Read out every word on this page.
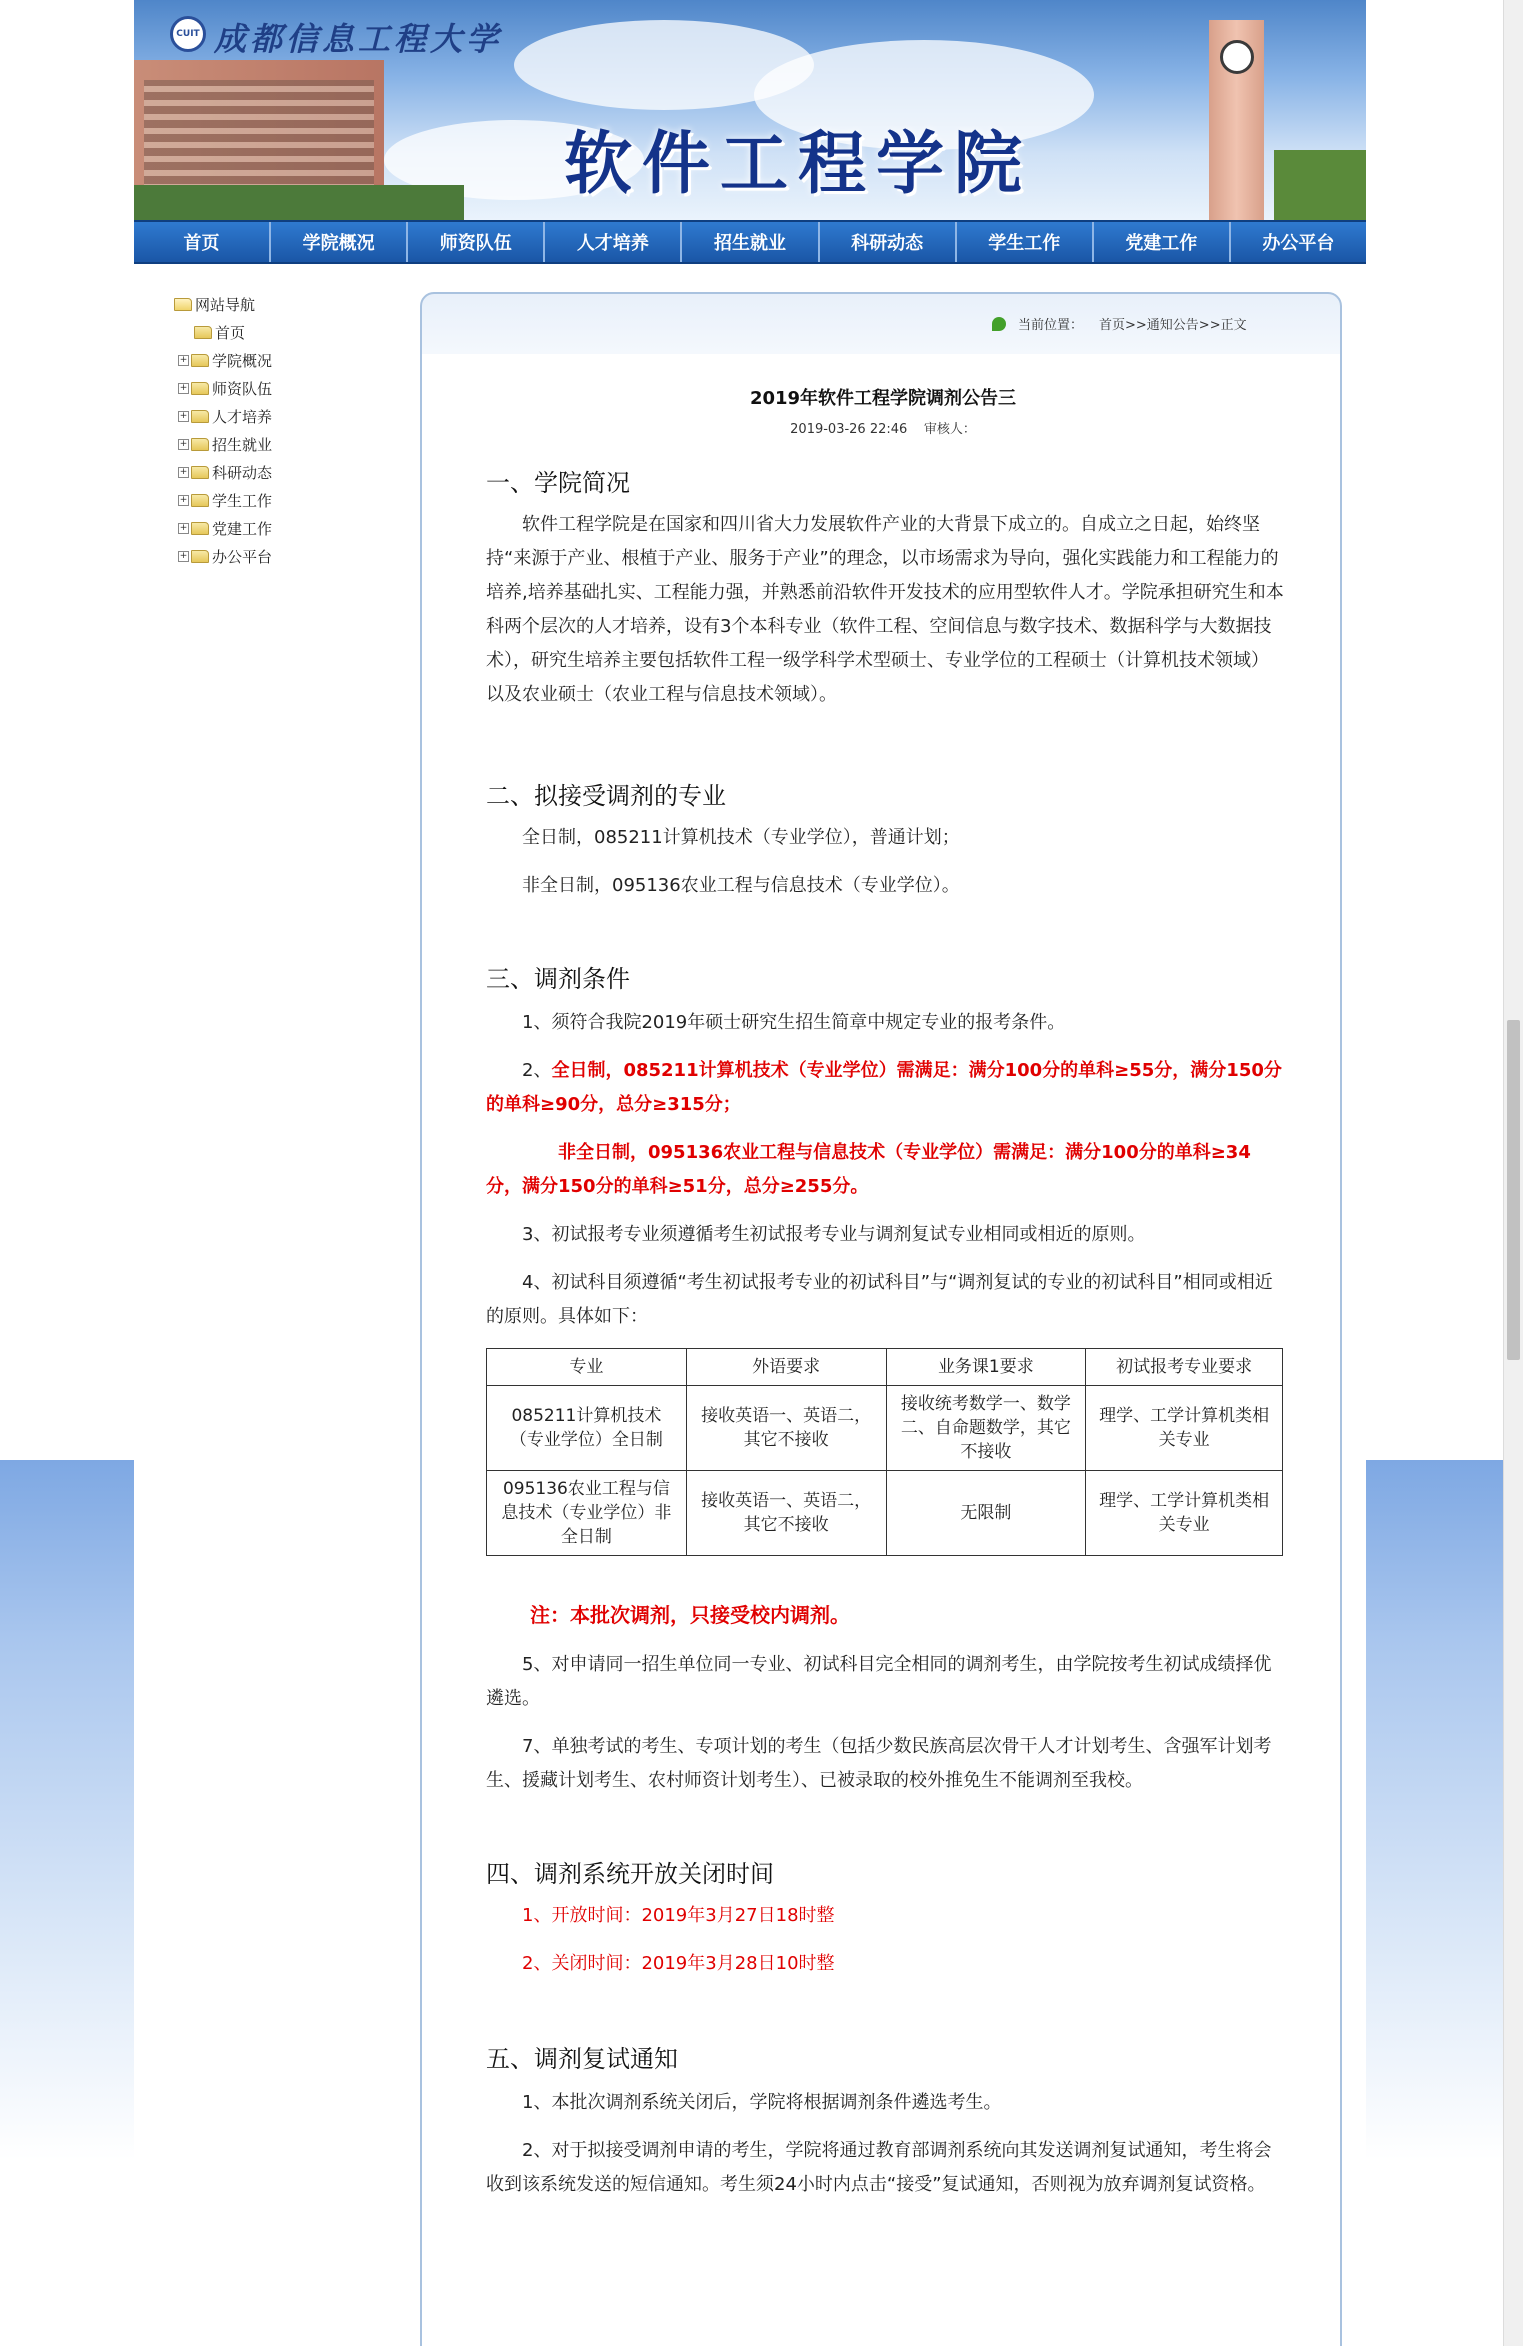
CUIT 成都信息工程大学
软件工程学院
首页	学院概况	师资队伍	人才培养	招生就业	科研动态	学生工作	党建工作	办公平台
网站导航
首页
+ 学院概况
+ 师资队伍
+ 人才培养
+ 招生就业
+ 科研动态
+ 学生工作
+ 党建工作
+ 办公平台
当前位置： 首页>>通知公告>>正文
2019年软件工程学院调剂公告三
2019-03-26 22:46    审核人：
一、学院简况
软件工程学院是在国家和四川省大力发展软件产业的大背景下成立的。自成立之日起，始终坚持“来源于产业、根植于产业、服务于产业”的理念，以市场需求为导向，强化实践能力和工程能力的培养,培养基础扎实、工程能力强，并熟悉前沿软件开发技术的应用型软件人才。学院承担研究生和本科两个层次的人才培养，设有3个本科专业（软件工程、空间信息与数字技术、数据科学与大数据技术），研究生培养主要包括软件工程一级学科学术型硕士、专业学位的工程硕士（计算机技术领域）以及农业硕士（农业工程与信息技术领域）。
二、拟接受调剂的专业
全日制，085211计算机技术（专业学位），普通计划；
非全日制，095136农业工程与信息技术（专业学位）。
三、调剂条件
1、须符合我院2019年硕士研究生招生简章中规定专业的报考条件。
2、全日制，085211计算机技术（专业学位）需满足：满分100分的单科≥55分，满分150分的单科≥90分，总分≥315分；
非全日制，095136农业工程与信息技术（专业学位）需满足：满分100分的单科≥34分，满分150分的单科≥51分，总分≥255分。
3、初试报考专业须遵循考生初试报考专业与调剂复试专业相同或相近的原则。
4、初试科目须遵循“考生初试报考专业的初试科目”与“调剂复试的专业的初试科目”相同或相近的原则。具体如下：
专业	外语要求	业务课1要求	初试报考专业要求
085211计算机技术（专业学位）全日制	接收英语一、英语二，其它不接收	接收统考数学一、数学二、自命题数学，其它不接收	理学、工学计算机类相关专业
095136农业工程与信息技术（专业学位）非全日制	接收英语一、英语二，其它不接收	无限制	理学、工学计算机类相关专业
注：本批次调剂，只接受校内调剂。
5、对申请同一招生单位同一专业、初试科目完全相同的调剂考生，由学院按考生初试成绩择优遴选。
7、单独考试的考生、专项计划的考生（包括少数民族高层次骨干人才计划考生、含强军计划考生、援藏计划考生、农村师资计划考生）、已被录取的校外推免生不能调剂至我校。
四、调剂系统开放关闭时间
1、开放时间：2019年3月27日18时整
2、关闭时间：2019年3月28日10时整
五、调剂复试通知
1、本批次调剂系统关闭后，学院将根据调剂条件遴选考生。
2、对于拟接受调剂申请的考生，学院将通过教育部调剂系统向其发送调剂复试通知，考生将会收到该系统发送的短信通知。考生须24小时内点击“接受”复试通知，否则视为放弃调剂复试资格。
